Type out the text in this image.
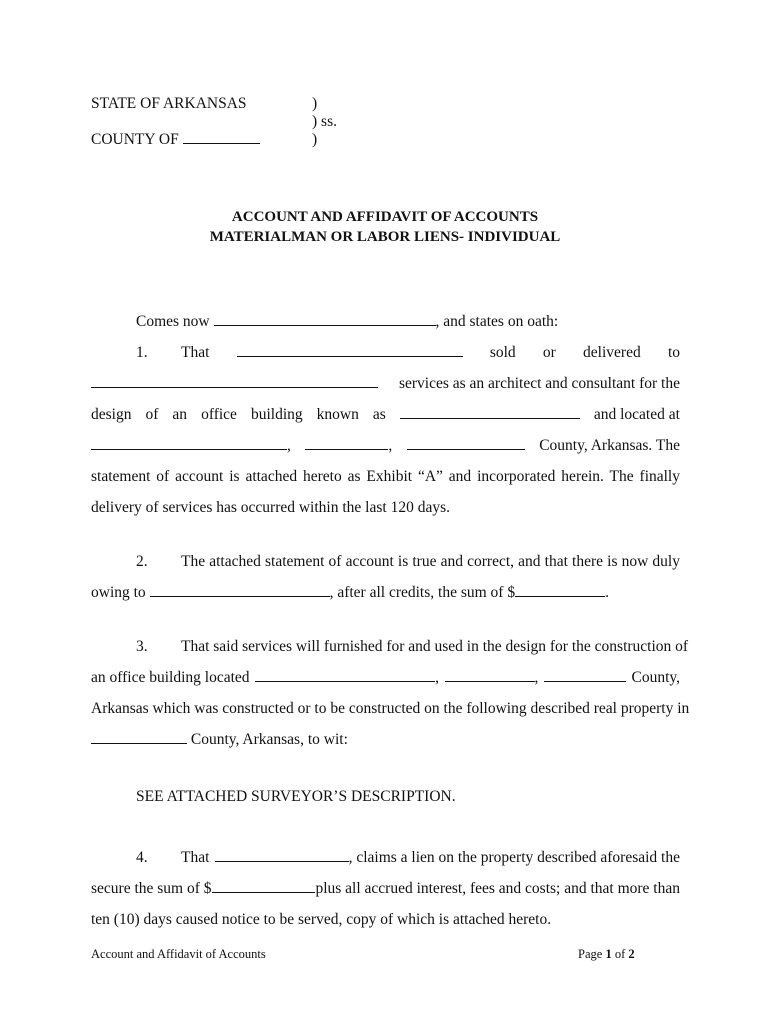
STATE OF ARKANSAS	)
) ss.
COUNTY OF	)
ACCOUNT AND AFFIDAVIT OF ACCOUNTS
MATERIALMAN OR LABOR LIENS- INDIVIDUAL
Comes now	, and states on oath:
1. That	sold or delivered to
services as an architect and consultant for the
design of an office building known as	and located at
,	,	County, Arkansas. The
statement of account is attached hereto as Exhibit “A” and incorporated herein. The finally
delivery of services has occurred within the last 120 days.
2. The attached statement of account is true and correct, and that there is now duly
owing to	, after all credits, the sum of $	.
3. That said services will furnished for and used in the design for the construction of
an office building located	,	,	County,
Arkansas which was constructed or to be constructed on the following described real property in
County, Arkansas, to wit:
SEE ATTACHED SURVEYOR’S DESCRIPTION.
4. That	, claims a lien on the property described aforesaid the
secure the sum of $	plus all accrued interest, fees and costs; and that more than
ten (10) days caused notice to be served, copy of which is attached hereto.
Account and Affidavit of Accounts	Page 1 of 2
